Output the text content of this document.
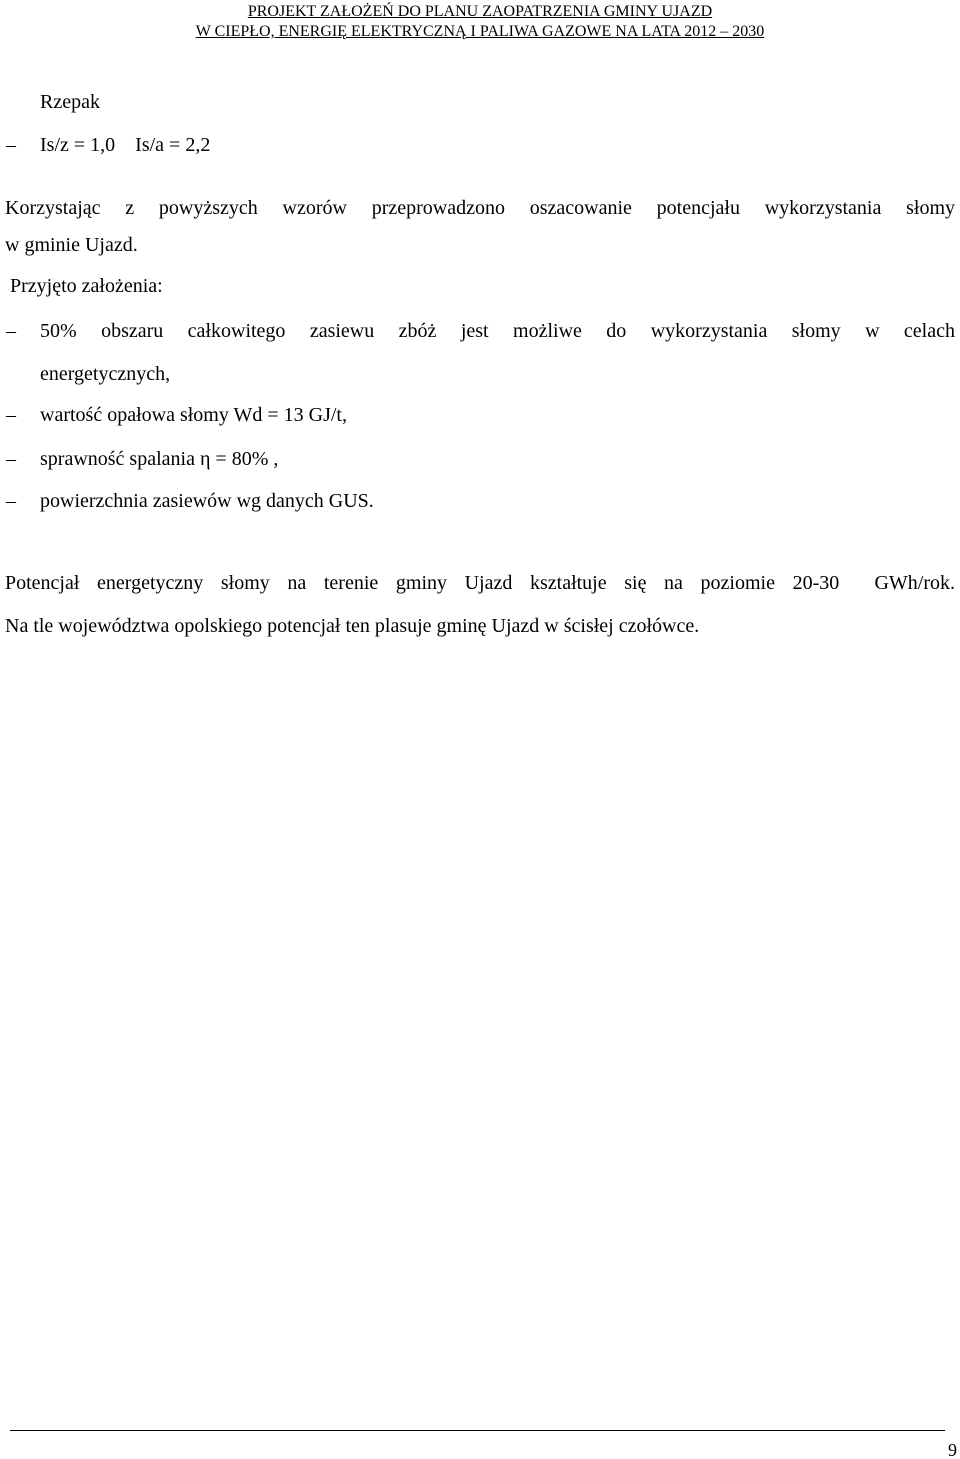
PROJEKT ZAŁOŻEŃ DO PLANU ZAOPATRZENIA GMINY UJAZD
W CIEPŁO, ENERGIĘ ELEKTRYCZNĄ I PALIWA GAZOWE NA LATA 2012 – 2030
Rzepak
– Is/z = 1,0    Is/a = 2,2
Korzystając z powyższych wzorów przeprowadzono oszacowanie potencjału wykorzystania słomy
w gminie Ujazd.
Przyjęto założenia:
– 50% obszaru całkowitego zasiewu zbóż jest możliwe do wykorzystania słomy w celach
energetycznych,
– wartość opałowa słomy Wd = 13 GJ/t,
– sprawność spalania η = 80% ,
– powierzchnia zasiewów wg danych GUS.
Potencjał energetyczny słomy na terenie gminy Ujazd kształtuje się na poziomie 20-30  GWh/rok.
Na tle województwa opolskiego potencjał ten plasuje gminę Ujazd w ścisłej czołówce.
9
